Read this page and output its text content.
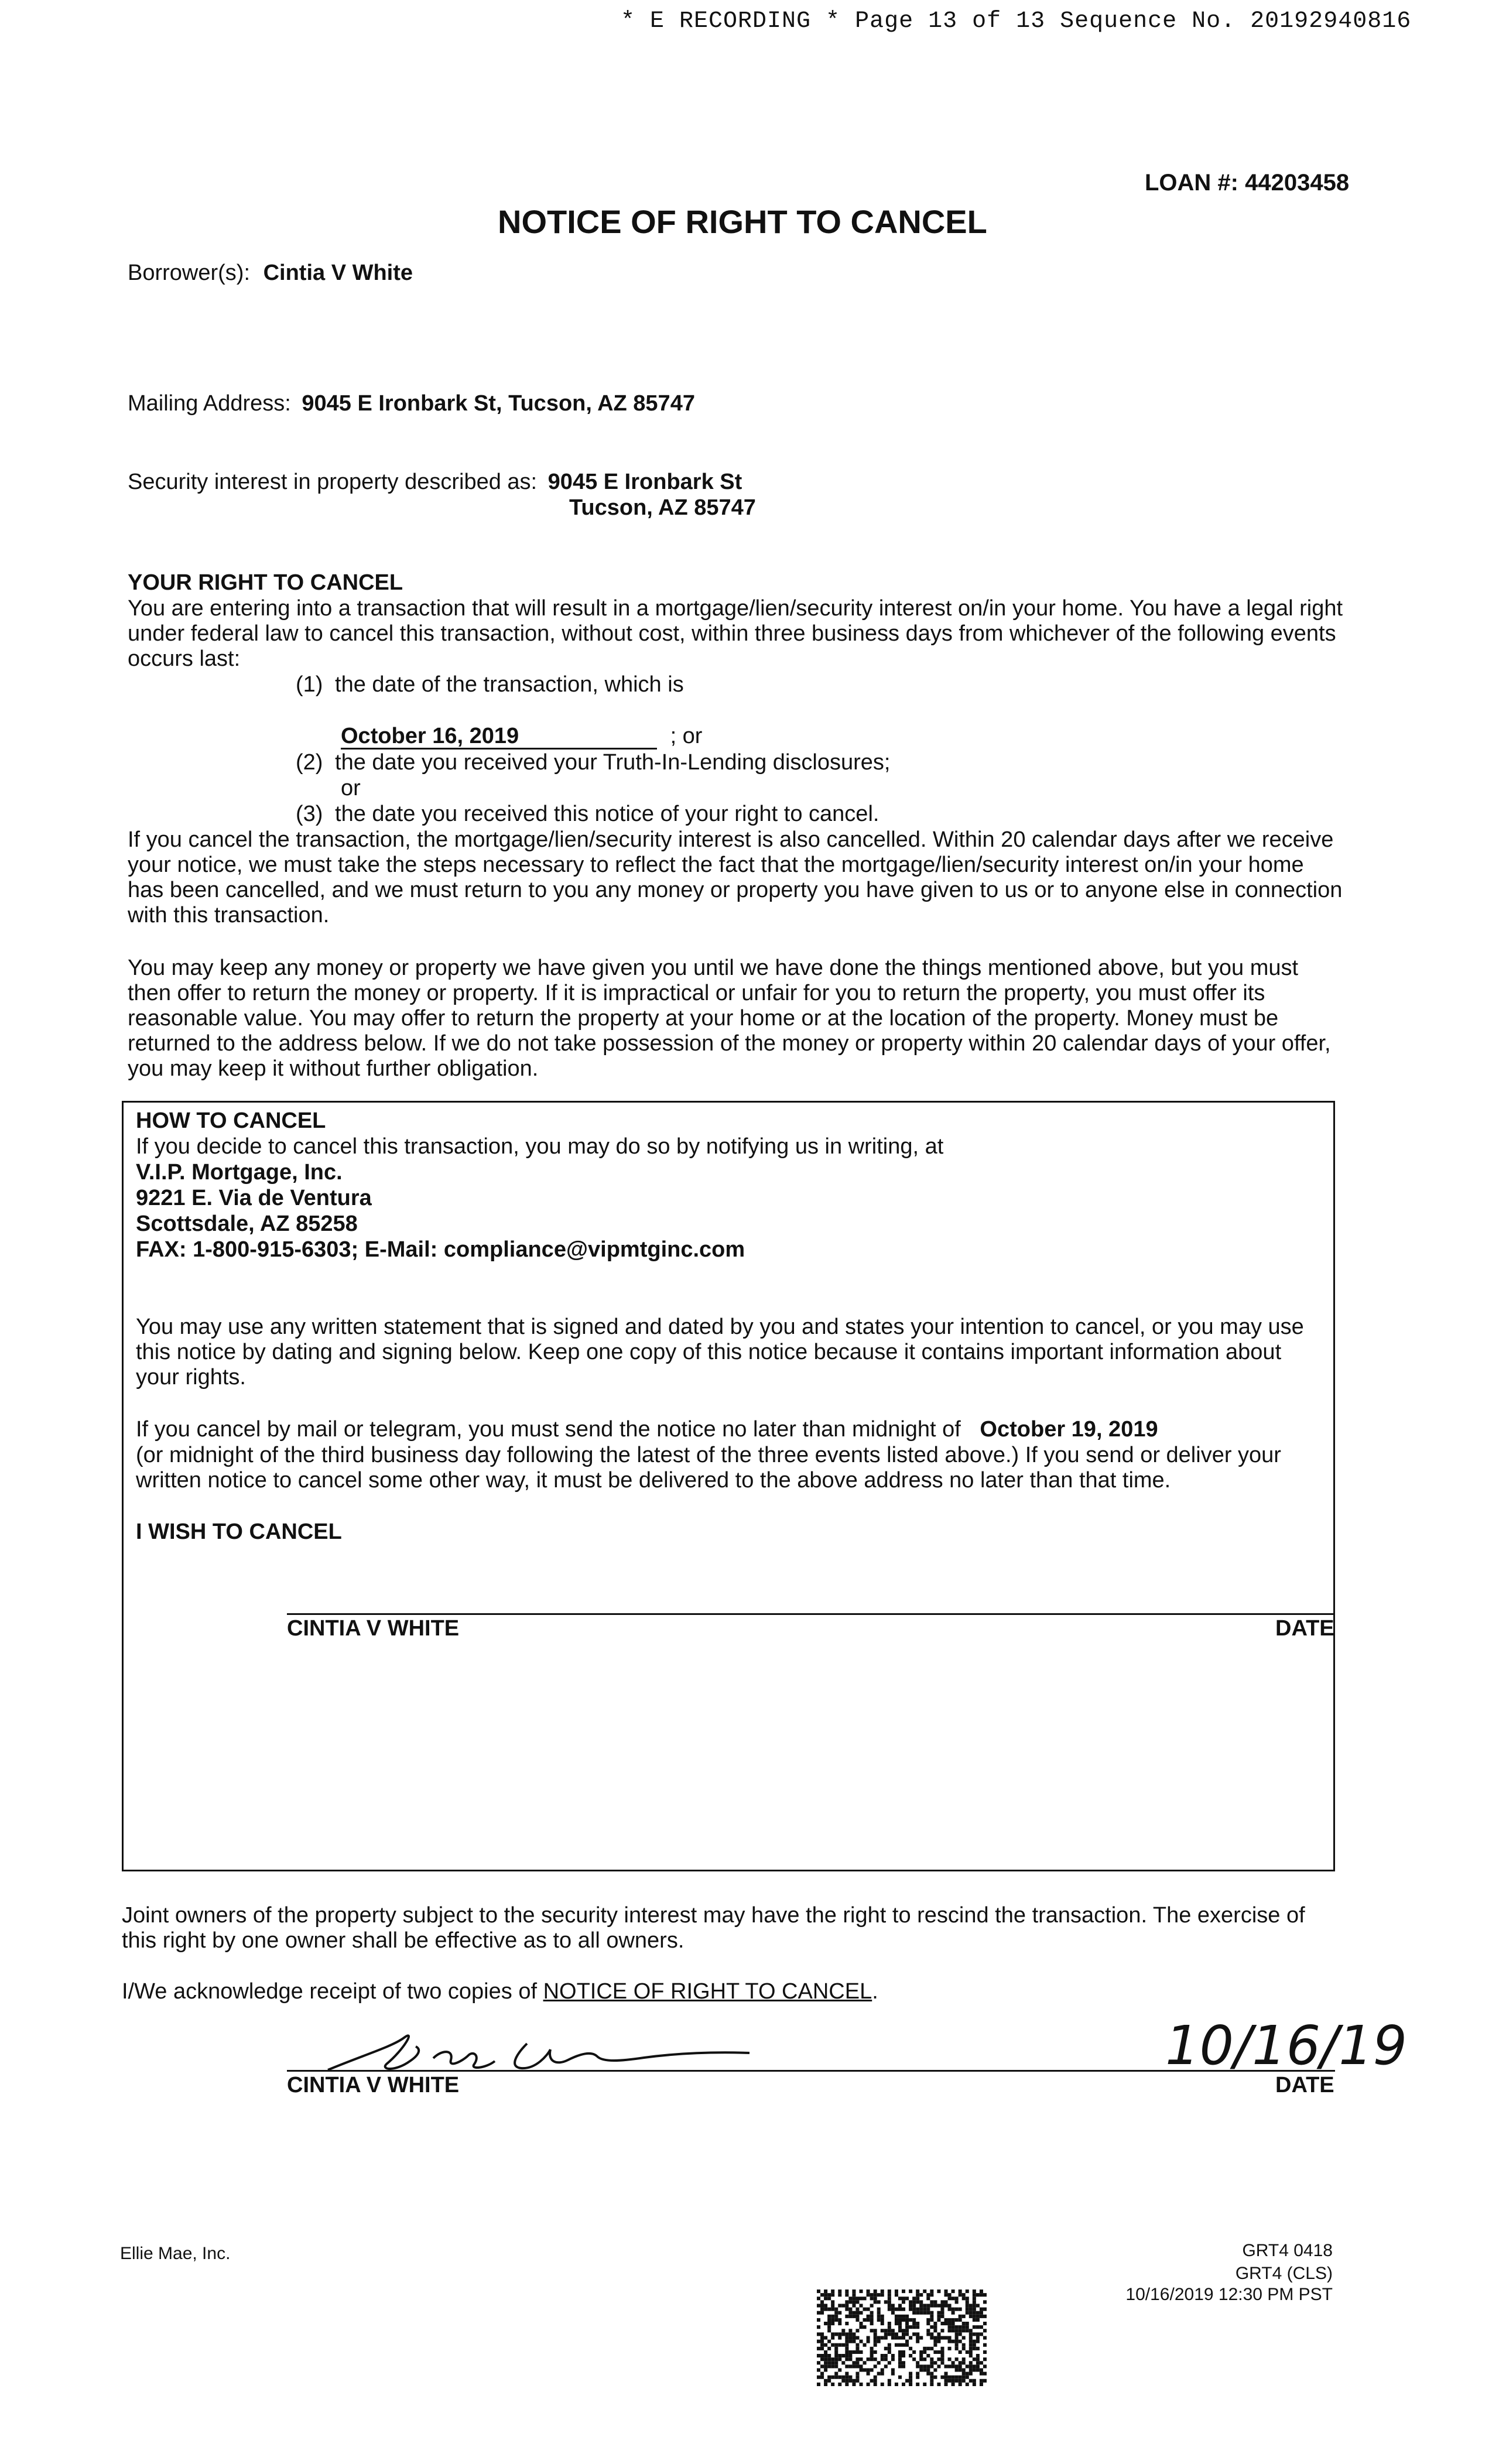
* E RECORDING * Page 13 of 13 Sequence No. 20192940816
LOAN #: 44203458
NOTICE OF RIGHT TO CANCEL
Borrower(s): Cintia V White
Mailing Address: 9045 E Ironbark St, Tucson, AZ 85747
Security interest in property described as: 9045 E Ironbark St
Tucson, AZ 85747
YOUR RIGHT TO CANCEL
You are entering into a transaction that will result in a mortgage/lien/security interest on/in your home. You have a legal right under federal law to cancel this transaction, without cost, within three business days from whichever of the following events occurs last:
(1) the date of the transaction, which is
October 16, 2019	; or
(2) the date you received your Truth-In-Lending disclosures;
or
(3) the date you received this notice of your right to cancel.
If you cancel the transaction, the mortgage/lien/security interest is also cancelled. Within 20 calendar days after we receive your notice, we must take the steps necessary to reflect the fact that the mortgage/lien/security interest on/in your home has been cancelled, and we must return to you any money or property you have given to us or to anyone else in connection with this transaction.
You may keep any money or property we have given you until we have done the things mentioned above, but you must then offer to return the money or property. If it is impractical or unfair for you to return the property, you must offer its reasonable value. You may offer to return the property at your home or at the location of the property. Money must be returned to the address below. If we do not take possession of the money or property within 20 calendar days of your offer, you may keep it without further obligation.
HOW TO CANCEL
If you decide to cancel this transaction, you may do so by notifying us in writing, at
V.I.P. Mortgage, Inc.
9221 E. Via de Ventura
Scottsdale, AZ 85258
FAX: 1-800-915-6303; E-Mail: compliance@vipmtginc.com
You may use any written statement that is signed and dated by you and states your intention to cancel, or you may use this notice by dating and signing below. Keep one copy of this notice because it contains important information about your rights.
If you cancel by mail or telegram, you must send the notice no later than midnight of October 19, 2019
(or midnight of the third business day following the latest of the three events listed above.) If you send or deliver your written notice to cancel some other way, it must be delivered to the above address no later than that time.
I WISH TO CANCEL
CINTIA V WHITE	DATE
Joint owners of the property subject to the security interest may have the right to rescind the transaction. The exercise of this right by one owner shall be effective as to all owners.
I/We acknowledge receipt of two copies of NOTICE OF RIGHT TO CANCEL.
CINTIA V WHITE
10/16/19
DATE
Ellie Mae, Inc.	GRT4 0418
GRT4 (CLS)
10/16/2019 12:30 PM PST
